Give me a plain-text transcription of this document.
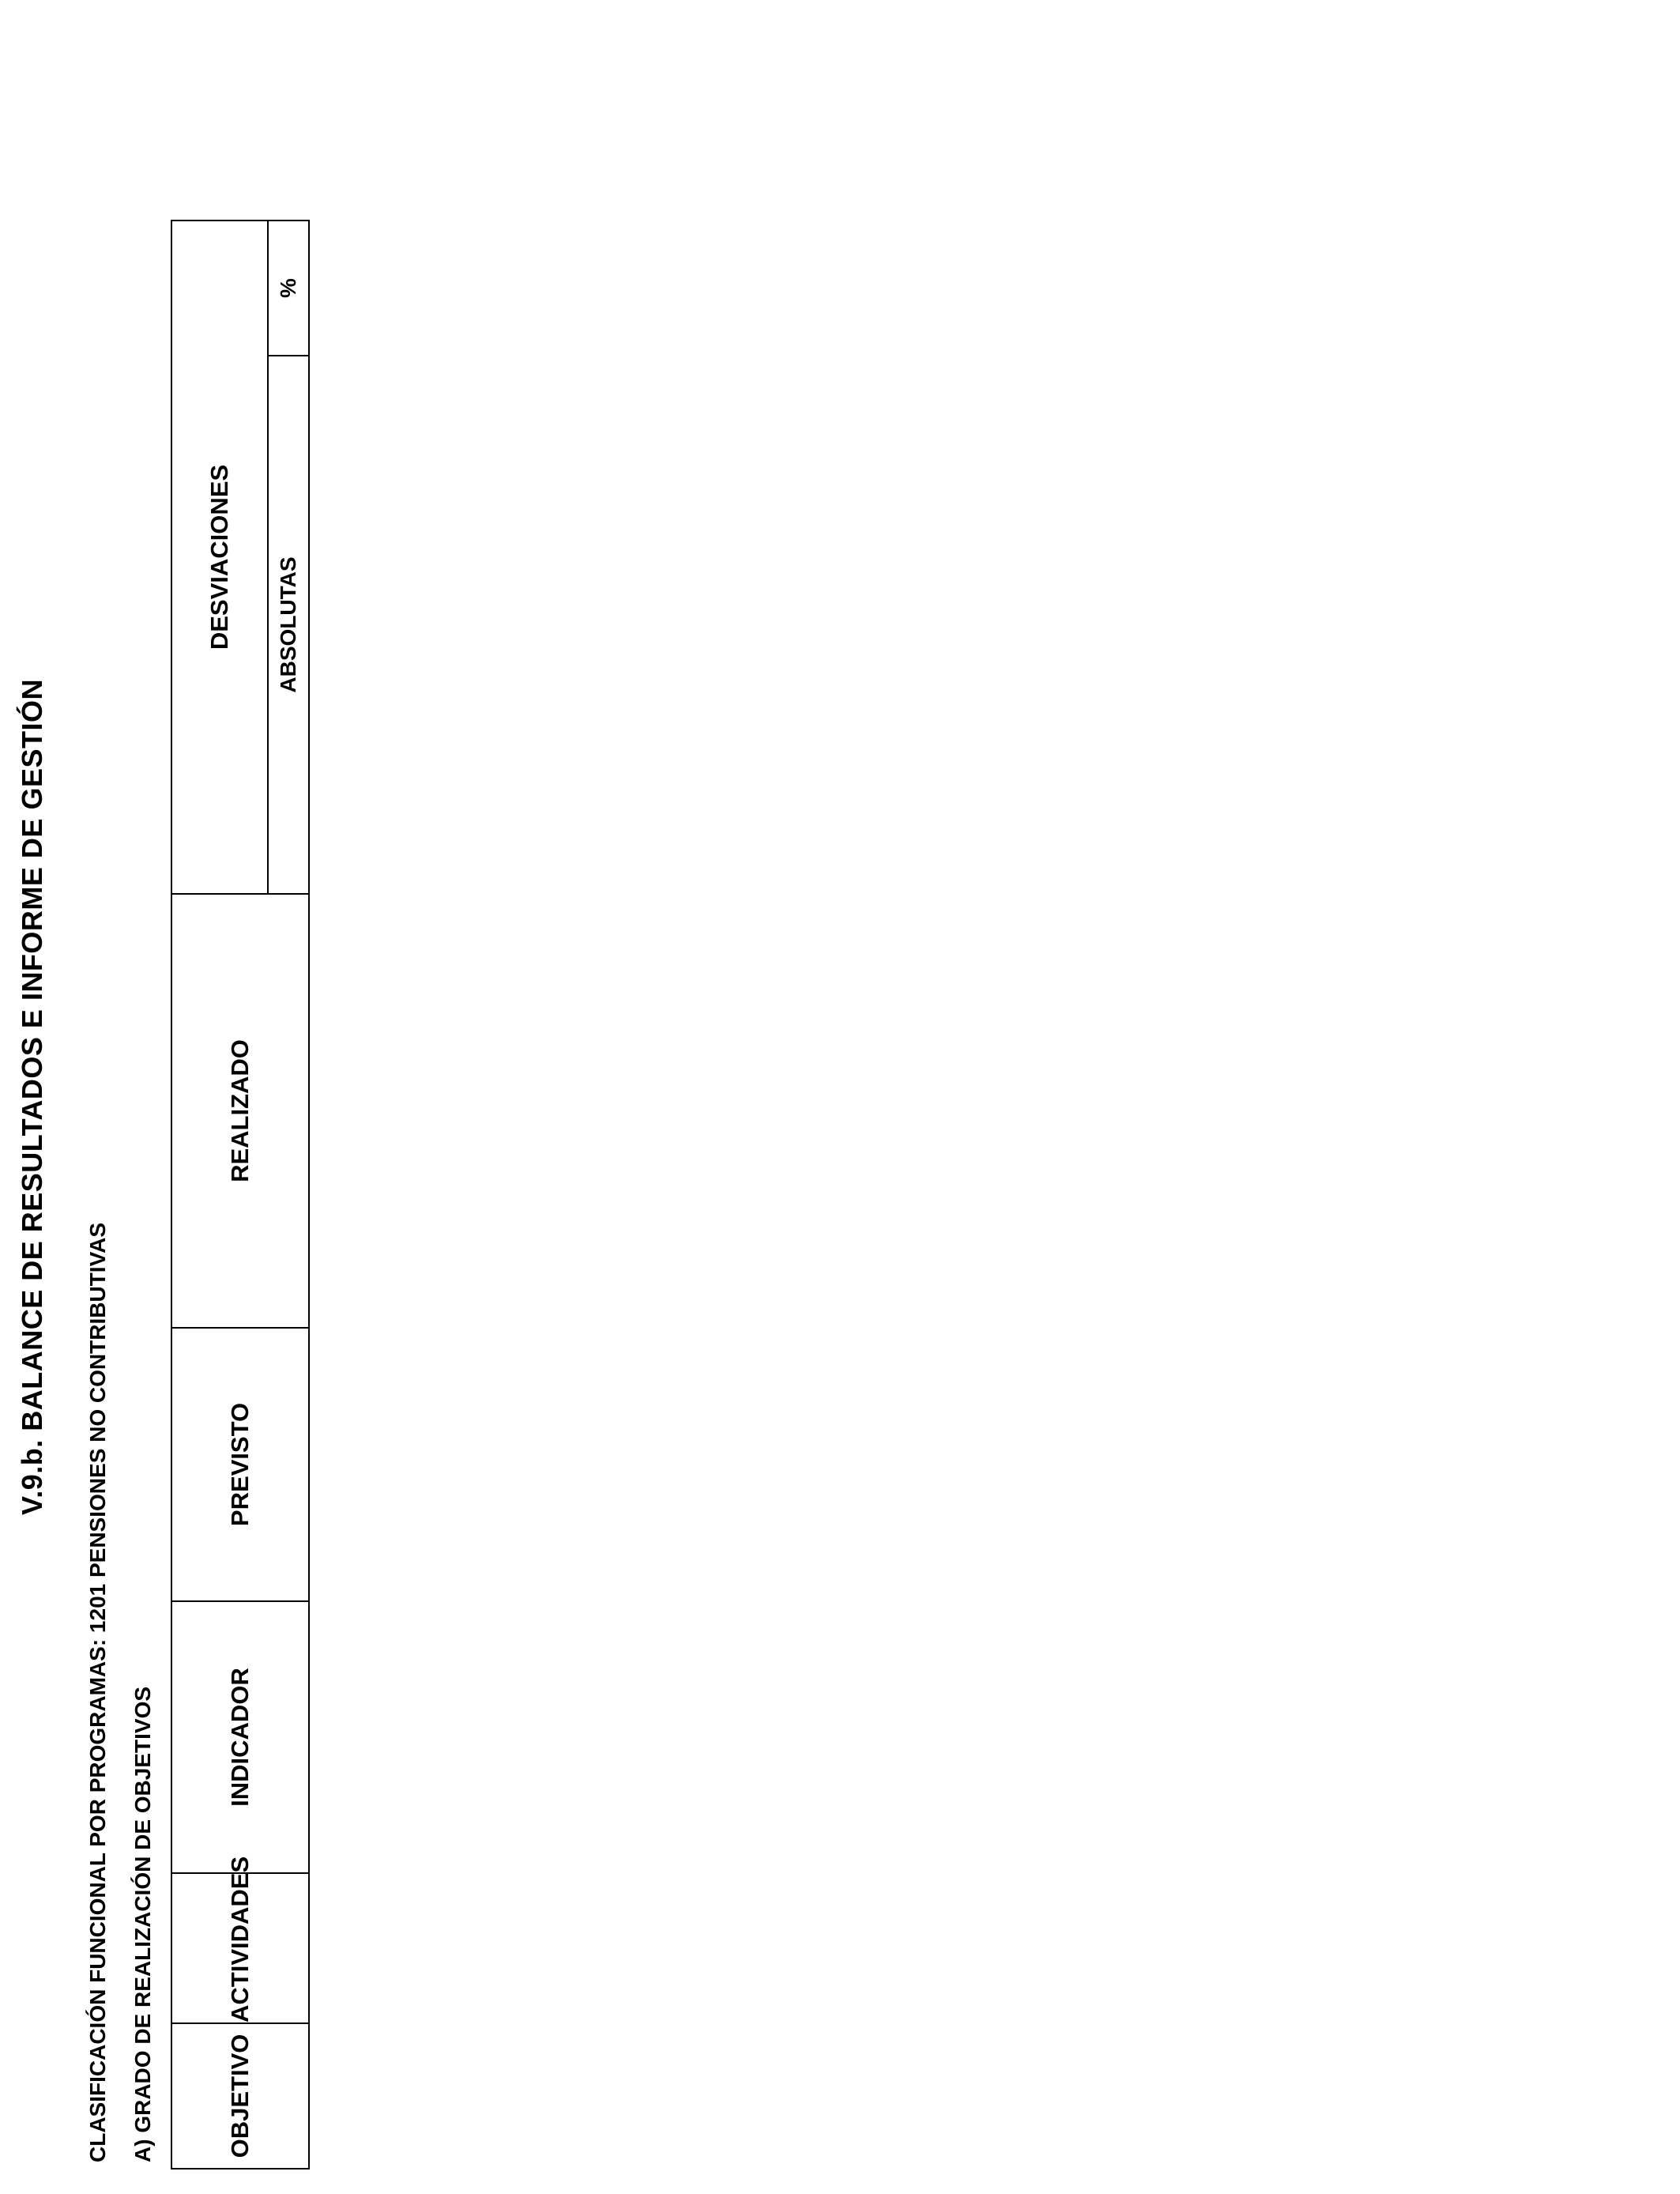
V.9.b. BALANCE DE RESULTADOS E INFORME DE GESTIÓN
CLASIFICACIÓN FUNCIONAL POR PROGRAMAS: 1201 PENSIONES NO CONTRIBUTIVAS A) GRADO DE REALIZACIÓN DE OBJETIVOS	OBJETIVO	ACTIVIDADES	INDICADOR	PREVISTO	REALIZADO	DESVIACIONES	
					ABSOLUTAS	%
